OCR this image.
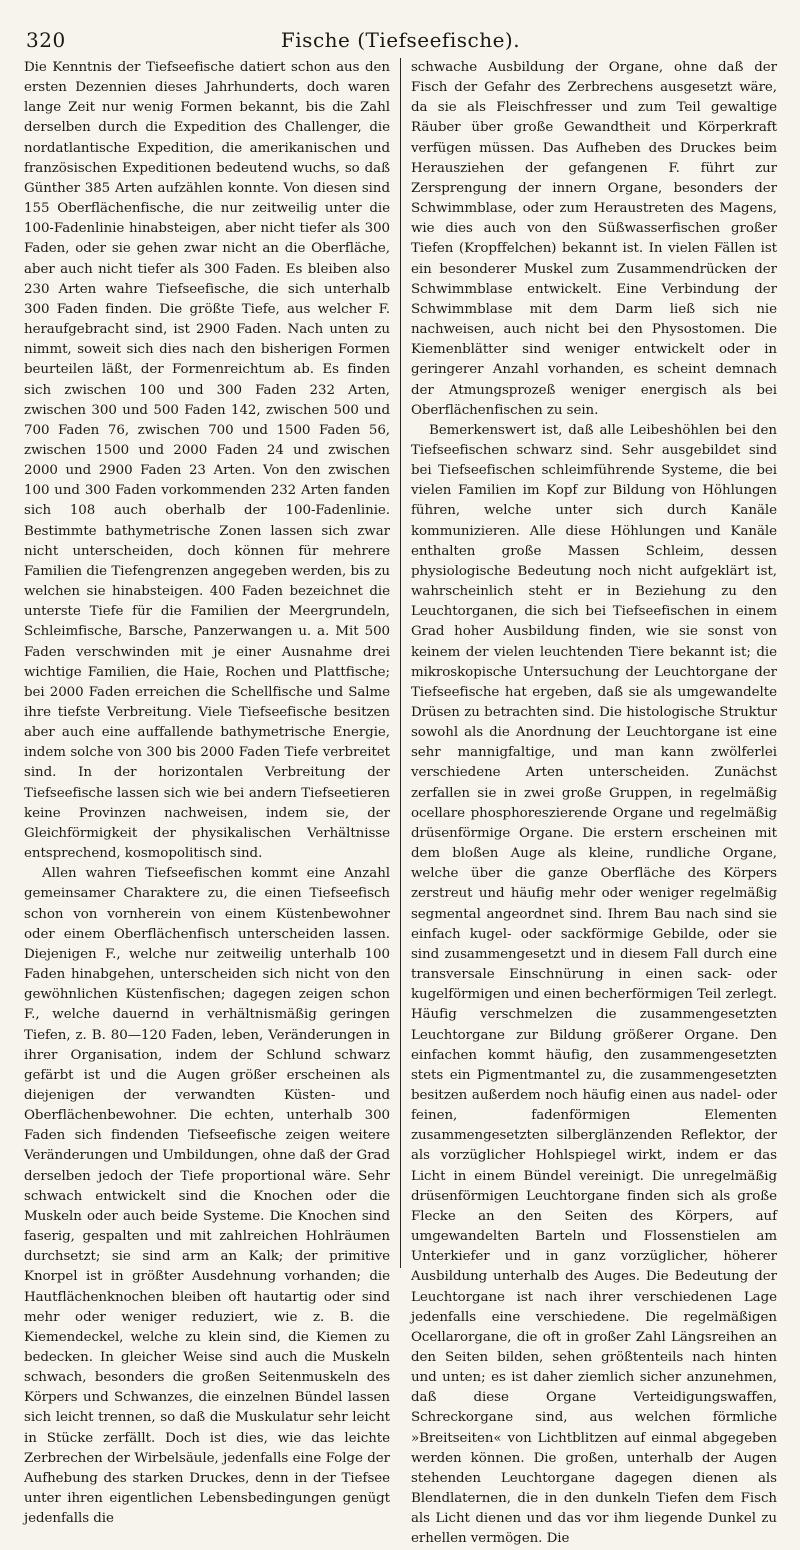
320	Fische (Tiefseefische).

Die Kenntnis der Tiefseefische datiert schon aus den ersten Dezennien dieses Jahrhunderts, doch waren lange Zeit nur wenig Formen bekannt, bis die Zahl derselben durch die Expedition des Challenger, die nordatlantische Expedition, die amerikanischen und französischen Expeditionen bedeutend wuchs, so daß Günther 385 Arten aufzählen konnte. Von diesen sind 155 Oberflächenfische, die nur zeitweilig unter die 100-Fadenlinie hinabsteigen, aber nicht tiefer als 300 Faden, oder sie gehen zwar nicht an die Oberfläche, aber auch nicht tiefer als 300 Faden. Es bleiben also 230 Arten wahre Tiefseefische, die sich unterhalb 300 Faden finden. Die größte Tiefe, aus welcher F. heraufgebracht sind, ist 2900 Faden. Nach unten zu nimmt, soweit sich dies nach den bisherigen Formen beurteilen läßt, der Formenreichtum ab. Es finden sich zwischen 100 und 300 Faden 232 Arten, zwischen 300 und 500 Faden 142, zwischen 500 und 700 Faden 76, zwischen 700 und 1500 Faden 56, zwischen 1500 und 2000 Faden 24 und zwischen 2000 und 2900 Faden 23 Arten. Von den zwischen 100 und 300 Faden vorkommenden 232 Arten fanden sich 108 auch oberhalb der 100-Fadenlinie. Bestimmte bathymetrische Zonen lassen sich zwar nicht unterscheiden, doch können für mehrere Familien die Tiefengrenzen angegeben werden, bis zu welchen sie hinabsteigen. 400 Faden bezeichnet die unterste Tiefe für die Familien der Meergrundeln, Schleimfische, Barsche, Panzerwangen u. a. Mit 500 Faden verschwinden mit je einer Ausnahme drei wichtige Familien, die Haie, Rochen und Plattfische; bei 2000 Faden erreichen die Schellfische und Salme ihre tiefste Verbreitung. Viele Tiefseefische besitzen aber auch eine auffallende bathymetrische Energie, indem solche von 300 bis 2000 Faden Tiefe verbreitet sind. In der horizontalen Verbreitung der Tiefseefische lassen sich wie bei andern Tiefseetieren keine Provinzen nachweisen, indem sie, der Gleichförmigkeit der physikalischen Verhältnisse entsprechend, kosmopolitisch sind.

Allen wahren Tiefseefischen kommt eine Anzahl gemeinsamer Charaktere zu, die einen Tiefseefisch schon von vornherein von einem Küstenbewohner oder einem Oberflächenfisch unterscheiden lassen. Diejenigen F., welche nur zeitweilig unterhalb 100 Faden hinabgehen, unterscheiden sich nicht von den gewöhnlichen Küstenfischen; dagegen zeigen schon F., welche dauernd in verhältnismäßig geringen Tiefen, z. B. 80—120 Faden, leben, Veränderungen in ihrer Organisation, indem der Schlund schwarz gefärbt ist und die Augen größer erscheinen als diejenigen der verwandten Küsten- und Oberflächenbewohner. Die echten, unterhalb 300 Faden sich findenden Tiefseefische zeigen weitere Veränderungen und Umbildungen, ohne daß der Grad derselben jedoch der Tiefe proportional wäre. Sehr schwach entwickelt sind die Knochen oder die Muskeln oder auch beide Systeme. Die Knochen sind faserig, gespalten und mit zahlreichen Hohlräumen durchsetzt; sie sind arm an Kalk; der primitive Knorpel ist in größter Ausdehnung vorhanden; die Hautflächenknochen bleiben oft hautartig oder sind mehr oder weniger reduziert, wie z. B. die Kiemendeckel, welche zu klein sind, die Kiemen zu bedecken. In gleicher Weise sind auch die Muskeln schwach, besonders die großen Seitenmuskeln des Körpers und Schwanzes, die einzelnen Bündel lassen sich leicht trennen, so daß die Muskulatur sehr leicht in Stücke zerfällt. Doch ist dies, wie das leichte Zerbrechen der Wirbelsäule, jedenfalls eine Folge der Aufhebung des starken Druckes, denn in der Tiefsee unter ihren eigentlichen Lebensbedingungen genügt jedenfalls die

schwache Ausbildung der Organe, ohne daß der Fisch der Gefahr des Zerbrechens ausgesetzt wäre, da sie als Fleischfresser und zum Teil gewaltige Räuber über große Gewandtheit und Körperkraft verfügen müssen. Das Aufheben des Druckes beim Herausziehen der gefangenen F. führt zur Zersprengung der innern Organe, besonders der Schwimmblase, oder zum Heraustreten des Magens, wie dies auch von den Süßwasserfischen großer Tiefen (Kropffelchen) bekannt ist. In vielen Fällen ist ein besonderer Muskel zum Zusammendrücken der Schwimmblase entwickelt. Eine Verbindung der Schwimmblase mit dem Darm ließ sich nie nachweisen, auch nicht bei den Physostomen. Die Kiemenblätter sind weniger entwickelt oder in geringerer Anzahl vorhanden, es scheint demnach der Atmungsprozeß weniger energisch als bei Oberflächenfischen zu sein.

Bemerkenswert ist, daß alle Leibeshöhlen bei den Tiefseefischen schwarz sind. Sehr ausgebildet sind bei Tiefseefischen schleimführende Systeme, die bei vielen Familien im Kopf zur Bildung von Höhlungen führen, welche unter sich durch Kanäle kommunizieren. Alle diese Höhlungen und Kanäle enthalten große Massen Schleim, dessen physiologische Bedeutung noch nicht aufgeklärt ist, wahrscheinlich steht er in Beziehung zu den Leuchtorganen, die sich bei Tiefseefischen in einem Grad hoher Ausbildung finden, wie sie sonst von keinem der vielen leuchtenden Tiere bekannt ist; die mikroskopische Untersuchung der Leuchtorgane der Tiefseefische hat ergeben, daß sie als umgewandelte Drüsen zu betrachten sind. Die histologische Struktur sowohl als die Anordnung der Leuchtorgane ist eine sehr mannigfaltige, und man kann zwölferlei verschiedene Arten unterscheiden. Zunächst zerfallen sie in zwei große Gruppen, in regelmäßig ocellare phosphoreszierende Organe und regelmäßig drüsenförmige Organe. Die erstern erscheinen mit dem bloßen Auge als kleine, rundliche Organe, welche über die ganze Oberfläche des Körpers zerstreut und häufig mehr oder weniger regelmäßig segmental angeordnet sind. Ihrem Bau nach sind sie einfach kugel- oder sackförmige Gebilde, oder sie sind zusammengesetzt und in diesem Fall durch eine transversale Einschnürung in einen sack- oder kugelförmigen und einen becherförmigen Teil zerlegt. Häufig verschmelzen die zusammengesetzten Leuchtorgane zur Bildung größerer Organe. Den einfachen kommt häufig, den zusammengesetzten stets ein Pigmentmantel zu, die zusammengesetzten besitzen außerdem noch häufig einen aus nadel- oder feinen, fadenförmigen Elementen zusammengesetzten silberglänzenden Reflektor, der als vorzüglicher Hohlspiegel wirkt, indem er das Licht in einem Bündel vereinigt. Die unregelmäßig drüsenförmigen Leuchtorgane finden sich als große Flecke an den Seiten des Körpers, auf umgewandelten Barteln und Flossenstielen am Unterkiefer und in ganz vorzüglicher, höherer Ausbildung unterhalb des Auges. Die Bedeutung der Leuchtorgane ist nach ihrer verschiedenen Lage jedenfalls eine verschiedene. Die regelmäßigen Ocellarorgane, die oft in großer Zahl Längsreihen an den Seiten bilden, sehen größtenteils nach hinten und unten; es ist daher ziemlich sicher anzunehmen, daß diese Organe Verteidigungswaffen, Schreckorgane sind, aus welchen förmliche »Breitseiten« von Lichtblitzen auf einmal abgegeben werden können. Die großen, unterhalb der Augen stehenden Leuchtorgane dagegen dienen als Blendlaternen, die in den dunkeln Tiefen dem Fisch als Licht dienen und das vor ihm liegende Dunkel zu erhellen vermögen. Die
